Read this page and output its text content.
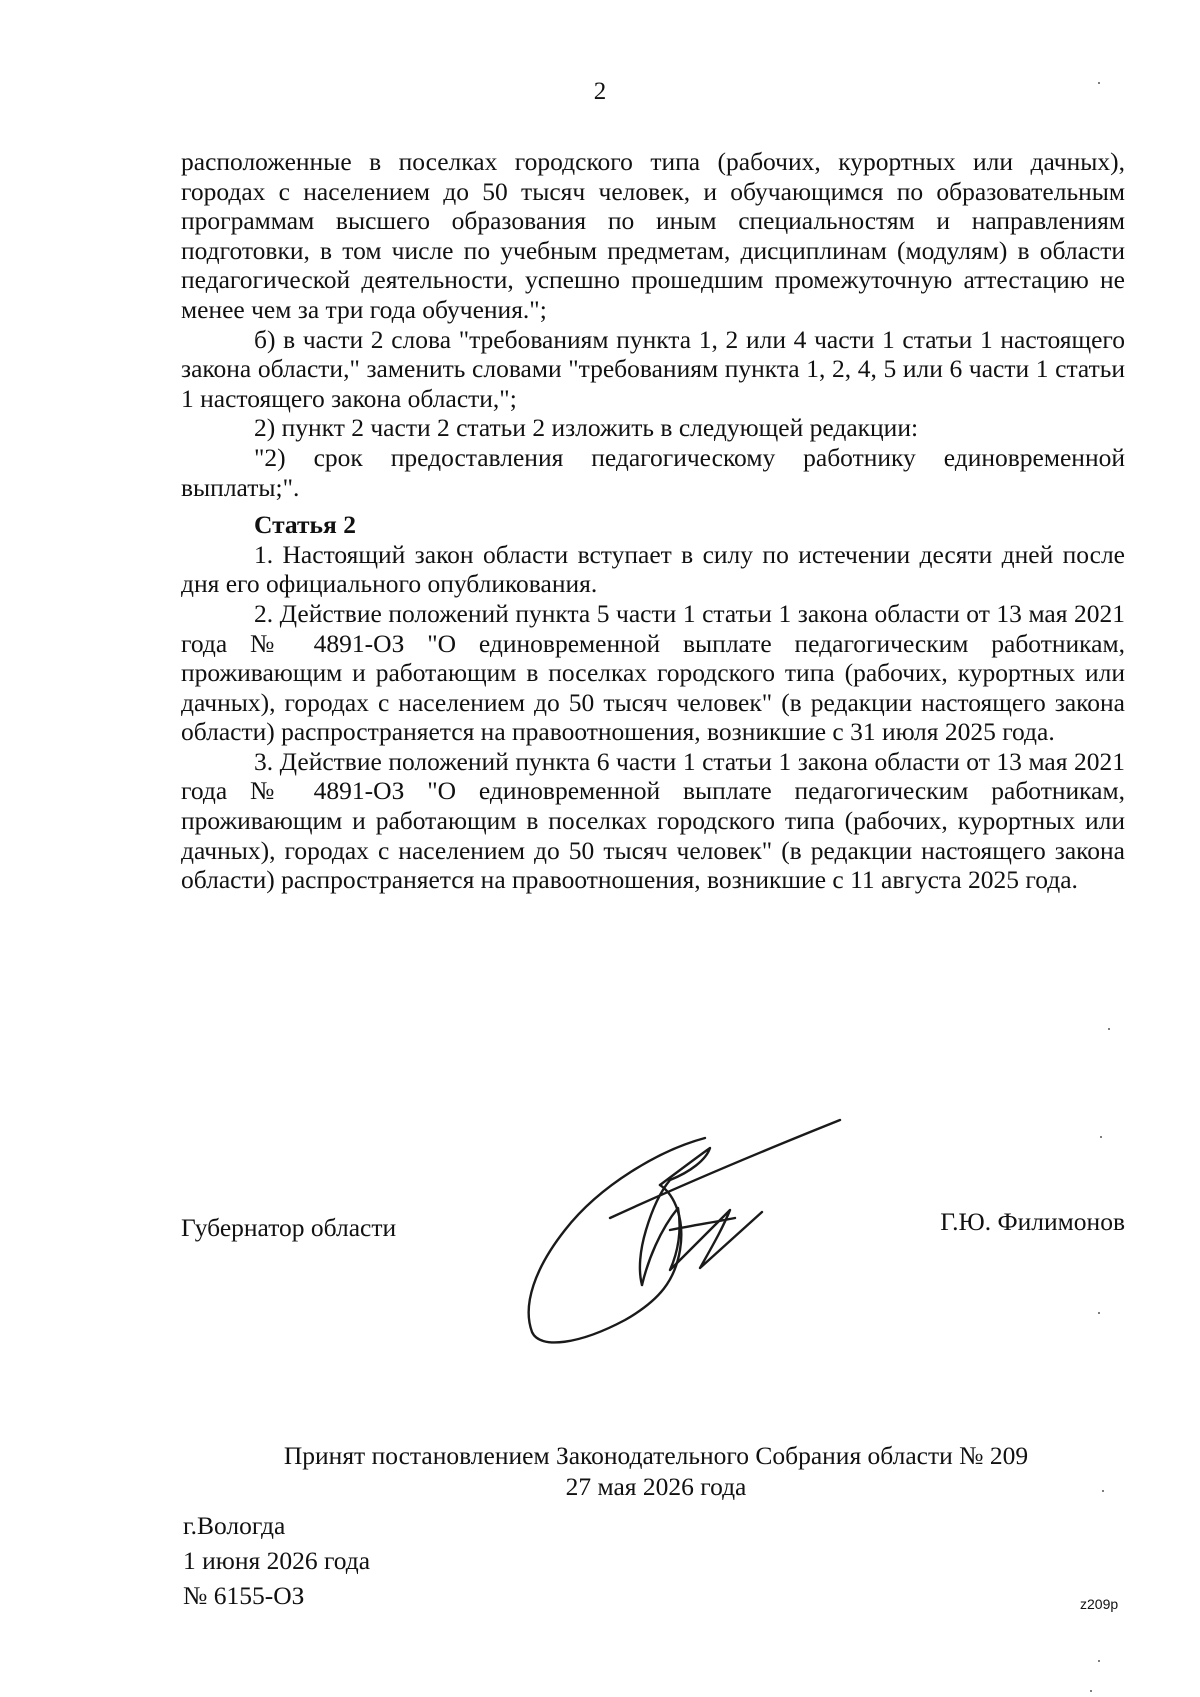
2

расположенные в поселках городского типа (рабочих, курортных или дачных), городах с населением до 50 тысяч человек, и обучающимся по образовательным программам высшего образования по иным специальностям и направлениям подготовки, в том числе по учебным предметам, дисциплинам (модулям) в области педагогической деятельности, успешно прошедшим промежуточную аттестацию не менее чем за три года обучения.";

б) в части 2 слова "требованиям пункта 1, 2 или 4 части 1 статьи 1 настоящего закона области," заменить словами "требованиям пункта 1, 2, 4, 5 или 6 части 1 статьи 1 настоящего закона области,";

2) пункт 2 части 2 статьи 2 изложить в следующей редакции:

"2) срок предоставления педагогическому работнику единовременной выплаты;".

Статья 2

1. Настоящий закон области вступает в силу по истечении десяти дней после дня его официального опубликования.

2. Действие положений пункта 5 части 1 статьи 1 закона области от 13 мая 2021 года № 4891-ОЗ "О единовременной выплате педагогическим работникам, проживающим и работающим в поселках городского типа (рабочих, курортных или дачных), городах с населением до 50 тысяч человек" (в редакции настоящего закона области) распространяется на правоотношения, возникшие с 31 июля 2025 года.

3. Действие положений пункта 6 части 1 статьи 1 закона области от 13 мая 2021 года № 4891-ОЗ "О единовременной выплате педагогическим работникам, проживающим и работающим в поселках городского типа (рабочих, курортных или дачных), городах с населением до 50 тысяч человек" (в редакции настоящего закона области) распространяется на правоотношения, возникшие с 11 августа 2025 года.

Губернатор области	Г.Ю. Филимонов
Принят постановлением Законодательного Собрания области № 209
27 мая 2026 года
г.Вологда
1 июня 2026 года
№ 6155-ОЗ	z209p
